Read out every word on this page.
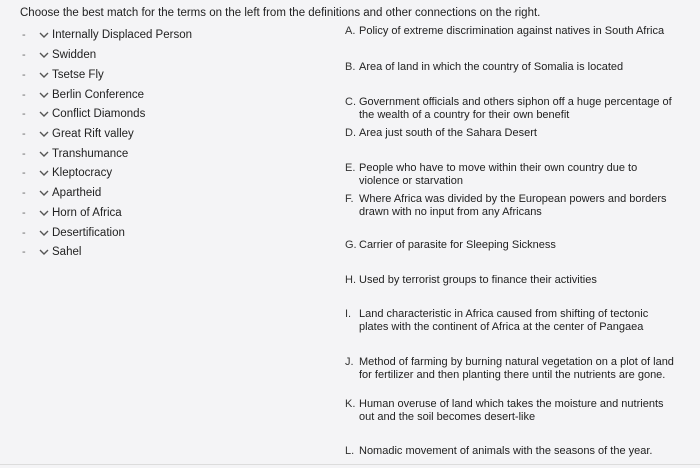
Choose the best match for the terms on the left from the definitions and other connections on the right.
-	Internally Displaced Person
-	Swidden
-	Tsetse Fly
-	Berlin Conference
-	Conflict Diamonds
-	Great Rift valley
-	Transhumance
-	Kleptocracy
-	Apartheid
-	Horn of Africa
-	Desertification
-	Sahel
A. Policy of extreme discrimination against natives in South Africa
B. Area of land in which the country of Somalia is located
C. Government officials and others siphon off a huge percentage of the wealth of a country for their own benefit
D. Area just south of the Sahara Desert
E. People who have to move within their own country due to violence or starvation
F. Where Africa was divided by the European powers and borders drawn with no input from any Africans
G. Carrier of parasite for Sleeping Sickness
H. Used by terrorist groups to finance their activities
I. Land characteristic in Africa caused from shifting of tectonic plates with the continent of Africa at the center of Pangaea
J. Method of farming by burning natural vegetation on a plot of land for fertilizer and then planting there until the nutrients are gone.
K. Human overuse of land which takes the moisture and nutrients out and the soil becomes desert-like
L. Nomadic movement of animals with the seasons of the year.
